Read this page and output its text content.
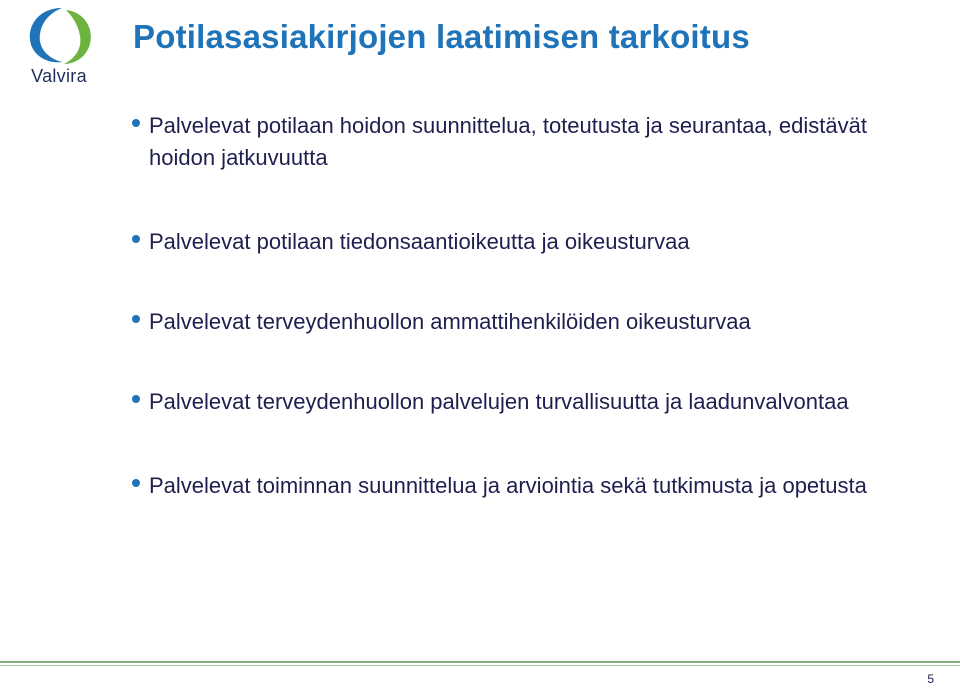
Valvira
Potilasasiakirjojen laatimisen tarkoitus
Palvelevat potilaan hoidon suunnittelua, toteutusta ja seurantaa, edistävät hoidon jatkuvuutta
Palvelevat potilaan tiedonsaantioikeutta ja oikeusturvaa
Palvelevat terveydenhuollon ammattihenkilöiden oikeusturvaa
Palvelevat terveydenhuollon palvelujen turvallisuutta ja laadunvalvontaa
Palvelevat toiminnan suunnittelua ja arviointia sekä tutkimusta ja opetusta
5
